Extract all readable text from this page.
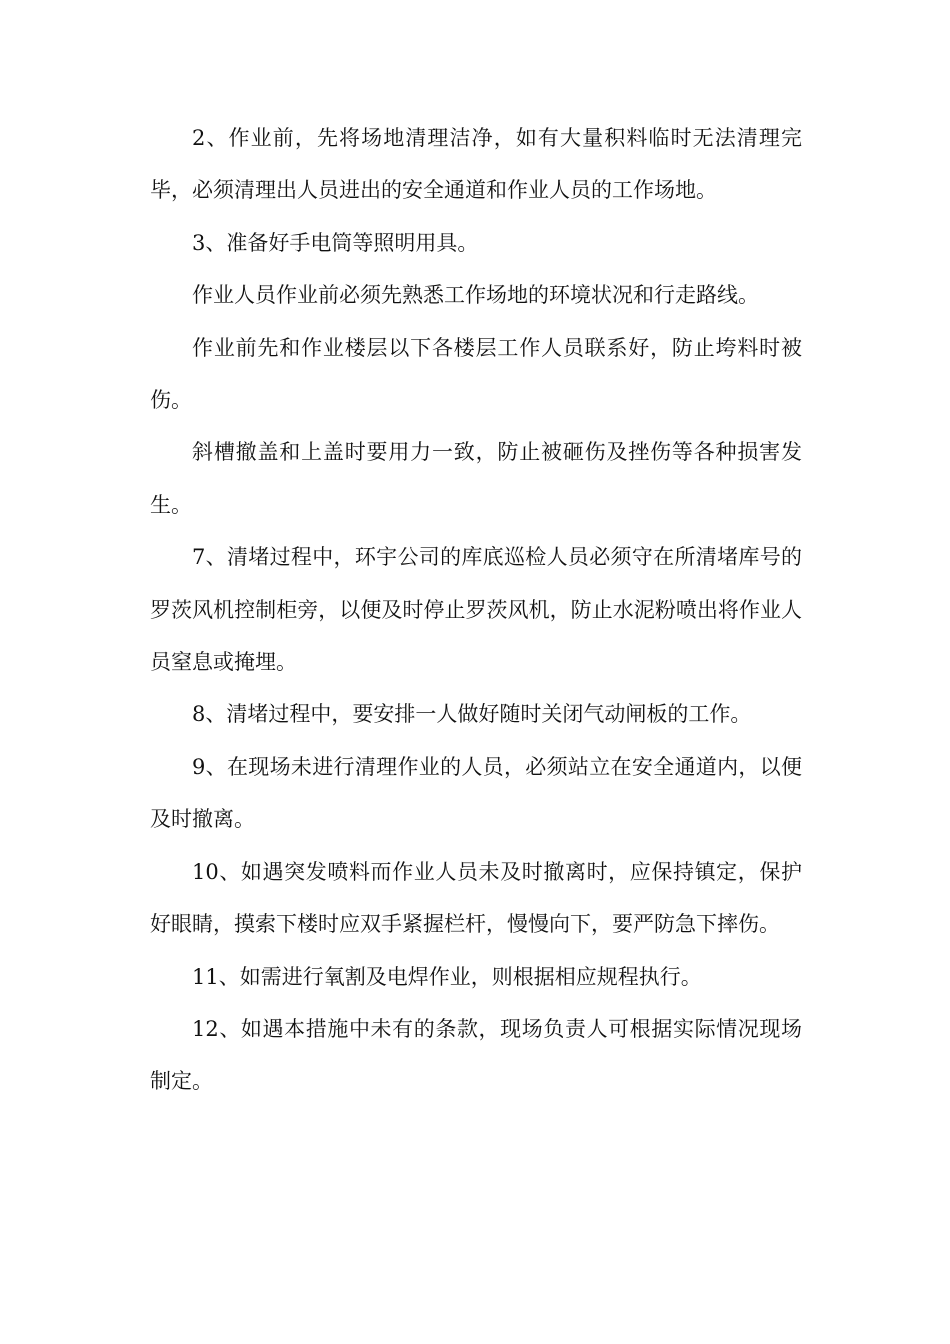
2、作业前，先将场地清理洁净，如有大量积料临时无法清理完毕，必须清理出人员进出的安全通道和作业人员的工作场地。

3、准备好手电筒等照明用具。

作业人员作业前必须先熟悉工作场地的环境状况和行走路线。

作业前先和作业楼层以下各楼层工作人员联系好，防止垮料时被伤。

斜槽撤盖和上盖时要用力一致，防止被砸伤及挫伤等各种损害发生。

7、清堵过程中，环宇公司的库底巡检人员必须守在所清堵库号的罗茨风机控制柜旁，以便及时停止罗茨风机，防止水泥粉喷出将作业人员窒息或掩埋。

8、清堵过程中，要安排一人做好随时关闭气动闸板的工作。

9、在现场未进行清理作业的人员，必须站立在安全通道内，以便及时撤离。

10、如遇突发喷料而作业人员未及时撤离时，应保持镇定，保护好眼睛，摸索下楼时应双手紧握栏杆，慢慢向下，要严防急下摔伤。

11、如需进行氧割及电焊作业，则根据相应规程执行。

12、如遇本措施中未有的条款，现场负责人可根据实际情况现场制定。
